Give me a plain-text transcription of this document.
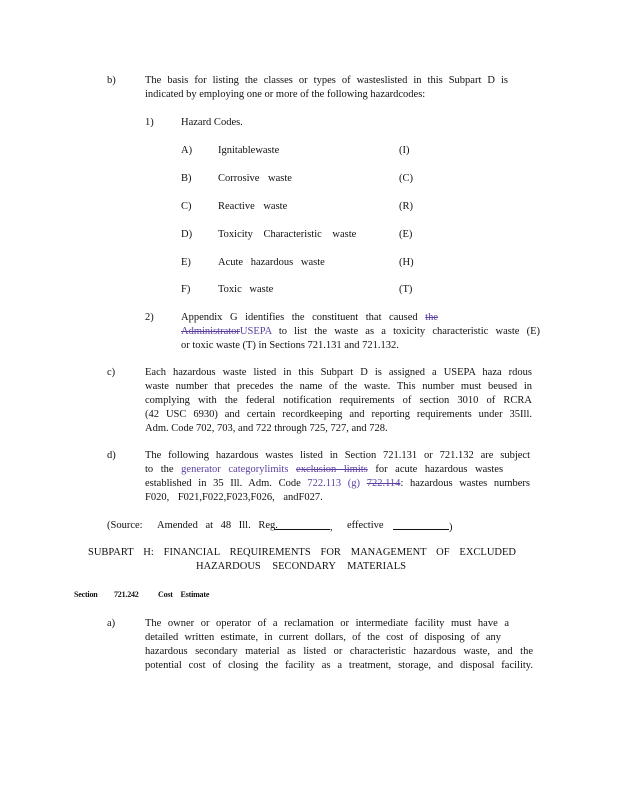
b)	The basis for listing the classes or types of wasteslisted in this Subpart D is
indicated by employing one or more of the following hazardcodes:
1)	Hazard Codes.
A) Ignitablewaste	(I)
B)	Corrosive waste	(C)
C)	Reactive waste	(R)
D) Toxicity Characteristic waste	(E)
E)	Acute hazardous waste	(H)
F)	Toxic waste	(T)
2)	Appendix G identifies the constituent that caused the
AdministratorUSEPA to list the waste as a toxicity characteristic waste (E)
or toxic waste (T) in Sections 721.131 and 721.132.
c)	Each hazardous waste listed in this Subpart D is assigned a USEPA haza rdous
waste number that precedes the name of the waste. This number must beused in
complying with the federal notification requirements of section 3010 of RCRA
(42 USC 6930) and certain recordkeeping and reporting requirements under 35Ill.
Adm. Code 702, 703, and 722 through 725, 727, and 728.
d)	The following hazardous wastes listed in Section 721.131 or 721.132 are subject
to the generator categorylimits exclusion limits for acute hazardous wastes
established in 35 Ill. Adm. Code 722.113 (g) 722.114: hazardous wastes numbers
F020, F021,F022,F023,F026, andF027.
(Source: Amended at 48 Ill. Reg.	, effective	)
SUBPART H: FINANCIAL REQUIREMENTS FOR MANAGEMENT OF EXCLUDED
HAZARDOUS SECONDARY MATERIALS
Section 721.242 Cost Estimate
a)	The owner or operator of a reclamation or intermediate facility must have a
detailed written estimate, in current dollars, of the cost of disposing of any
hazardous secondary material as listed or characteristic hazardous waste, and the
potential cost of closing the facility as a treatment, storage, and disposal facility.
